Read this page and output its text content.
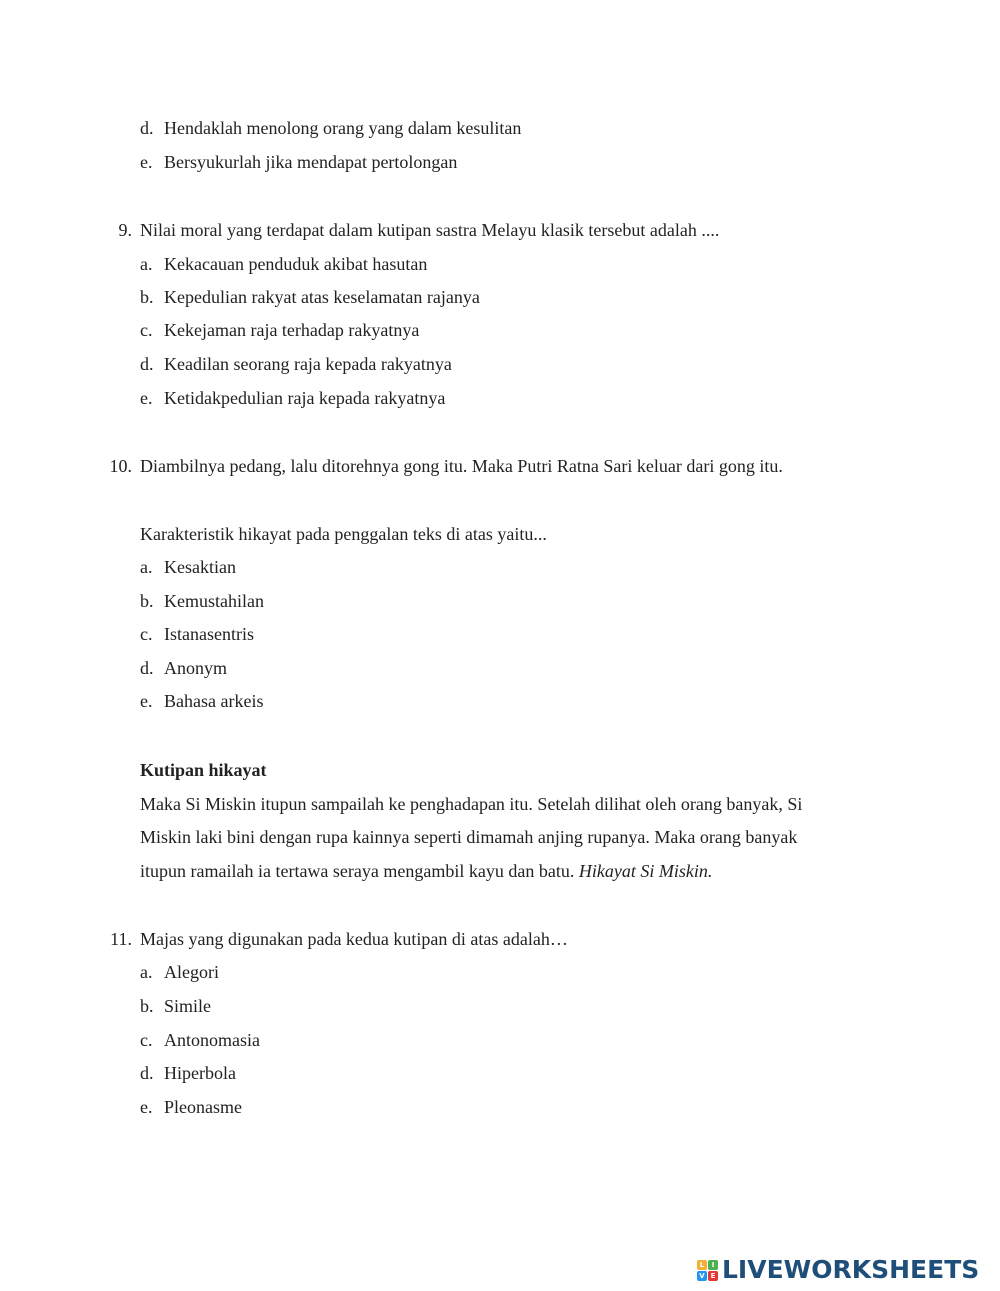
d. Hendaklah menolong orang yang dalam kesulitan
e. Bersyukurlah jika mendapat pertolongan
9. Nilai moral yang terdapat dalam kutipan sastra Melayu klasik tersebut adalah ....
a. Kekacauan penduduk akibat hasutan
b. Kepedulian rakyat atas keselamatan rajanya
c. Kekejaman raja terhadap rakyatnya
d. Keadilan seorang raja kepada rakyatnya
e. Ketidakpedulian raja kepada rakyatnya
10. Diambilnya pedang, lalu ditorehnya gong itu. Maka Putri Ratna Sari keluar dari gong itu.
Karakteristik hikayat pada penggalan teks di atas yaitu...
a. Kesaktian
b. Kemustahilan
c. Istanasentris
d. Anonym
e. Bahasa arkeis
Kutipan hikayat
Maka Si Miskin itupun sampailah ke penghadapan itu. Setelah dilihat oleh orang banyak, Si
Miskin laki bini dengan rupa kainnya seperti dimamah anjing rupanya. Maka orang banyak
itupun ramailah ia tertawa seraya mengambil kayu dan batu. Hikayat Si Miskin.
11. Majas yang digunakan pada kedua kutipan di atas adalah…
a. Alegori
b. Simile
c. Antonomasia
d. Hiperbola
e. Pleonasme
L	I
V E LIVEWORKSHEETS
